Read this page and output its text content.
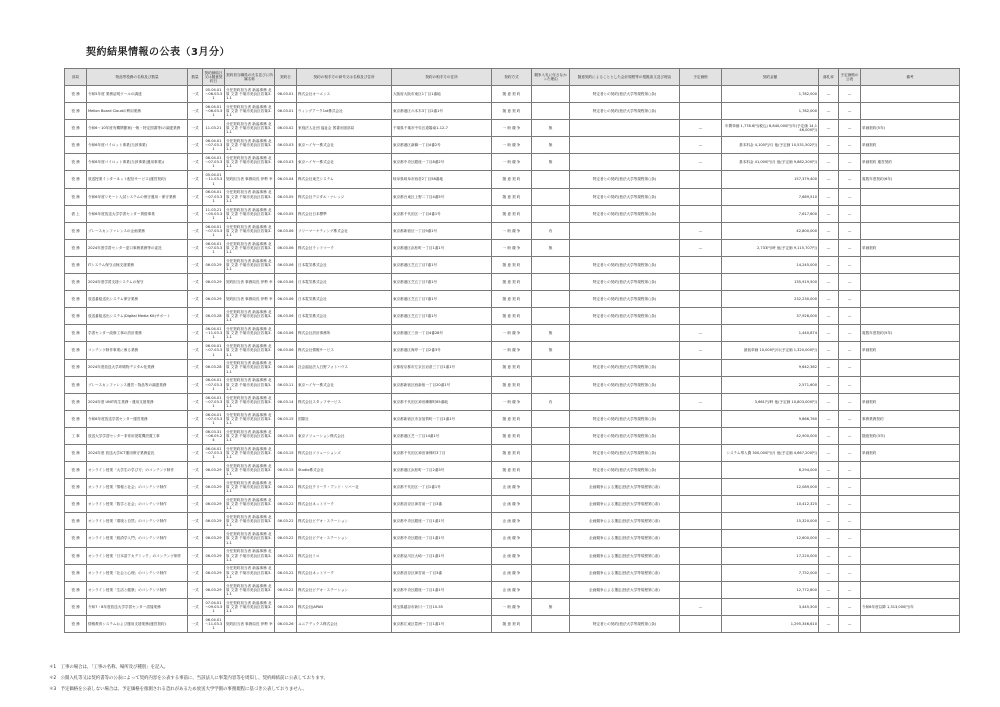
契約結果情報の公表（3月分）
部局	物品等役務の名称及び数量	数量	契約締結日又は随意契約日	契約担当職員の氏名並びに所属名称	契約日	契約の相手方の商号又は名称及び住所	契約の相手方の住所	契約方式	競争入札に付さなかった理由	随意契約によることとした会計規程等の根拠条文及び理由	予定価格	契約金額	落札率	予定価格の公表	備考
役 務	令和5年度 業務証明ツールの調達	一式	05.04.01～06.03.31	分任契約担当者 新潟事務 北原 文香 千葉市美浜区若葉3-1-1	06.03.01	株式会社オーエンス	大阪府大阪市東区1丁目1番地	随 意 契 約		特定者との契約(独法大学等規程第○条)		1,782,000	—	—	
役 務	Mellon Board Cloudの利用業務	一式	06.04.01～06.03.31	分任契約担当者 新潟事務 北原 文香 千葉市美浜区若葉3-1-1	06.03.01	ウィングアーク1st株式会社	東京都港区六本木3丁目2番1号	随 意 契 約		特定者との契約(独法大学等規程第○条)		1,782,000	—	—	
役 務	令和6～10年度有機関節案(一般・特定図書等)の調達業務	一式	11.03.21	分任契約担当者 新潟事務 北原 文香 千葉市美浜区若葉3-1-1	06.03.02	家庭法人社団 福祉会 図書出版部局	千葉県千葉市中央区道場南1-12-7	一 般 競 争	無		—	年間単価 1,778.6円(税込) 6,840,000円/年(予定価 14,146,000円)	—	—	単価契約(5年)
役 務	令和6年度パイロット事業(当該事業)	一式	06.04.01～07.03.31	分任契約担当者 新潟事務 北原 文香 千葉市美浜区若葉3-1-1	06.03.03	東京ハイヤー株式会社	東京都港区新橋一丁目4番2号	一 般 競 争	無		—	基本料金 4,100円/月 他(予定価 10,531,502円)	—	—	単価契約
役 務	令和6年度パイロット事業(当該事業(運用事業))	一式	06.04.01～07.03.31	分任契約担当者 新潟事務 北原 文香 千葉市美浜区若葉3-1-1	06.03.03	東京ハイヤー株式会社	東京都中央区銀座一丁目8番2号	一 般 競 争	無		—	基本料金 41,000円/月 他(予定価 9,882,200円)	—	—	単価契約 運営契約
役 務	放送授業インターネット配信サービス(運営契約)	一式	05.04.01～11.03.31	契約担当者 事務局長 伊勢 幸	06.03.04	株式会社東芝システム	岐阜県岐阜市西荘2丁目58番地	随 意 契 約		特定者との契約(独法大学等規程第○条)		157,379,400	—	—	複数年度契約(6年)
役 務	令和6年度リモート入試システムの保守運用・保守業務	一式	06.04.01～07.03.31	分任契約担当者 新潟事務 北原 文香 千葉市美浜区若葉3-1-1	06.03.05	株式会社デジタル・ナレッジ	東京都台東区上野二丁目4番5号	随 意 契 約		特定者との契約(独法大学等規程第○条)		7,689,510	—	—	
借 上	令和6年度放送大学学習センター賃借事業	一式	11.03.21～05.03.31	分任契約担当者 新潟事務 北原 文香 千葉市美浜区若葉3-1-1	06.03.05	株式会社日本標準	東京都千代田区一丁目4番1号	随 意 契 約		特定者との契約(独法大学等規程第○条)		7,617,600	—	—	
役 務	ブレースカンファレンスの企画業務	一式	06.04.01～07.03.31	分任契約担当者 新潟事務 北原 文香 千葉市美浜区若葉3-1-1	06.03.06	ソリーマーケティング株式会社	東京都新宿区一丁目9番1号	一 般 競 争	有		—	42,800,000	—	—	
役 務	2024年度学習センター窓口事務業務等の委託	一式	06.04.01～07.03.31	分任契約担当者 新潟事務 北原 文香 千葉市美浜区若葉3-1-1	06.03.06	株式会社ランドマーク	東京都港区浜松町一丁目1番1号	一 般 競 争	無		—	2,733円/時 他(予定価 9,115,707円)	—	—	単価契約
役 務	ITシステム保守点検支援業務	一式	06.03.29	分任契約担当者 新潟事務 北原 文香 千葉市美浜区若葉3-1-1	06.03.06	日本電気株式会社	東京都港区芝五丁目7番1号	随 意 契 約		特定者との契約(独法大学等規程第○条)		14,245,000	—	—	
役 務	2024年度学習支援システムの保守	一式	06.03.29	契約担当者 事務局長 伊勢 幸	06.03.06	日本電気株式会社	東京都港区芝五丁目7番1号	随 意 契 約		特定者との契約(独法大学等規程第○条)		135,919,500	—	—	
役 務	放送番組送出システム保守業務	一式	06.03.29	契約担当者 事務局長 伊勢 幸	06.03.06	日本電気株式会社	東京都港区芝五丁目7番1号	随 意 契 約		特定者との契約(独法大学等規程第○条)		232,230,000	—	—	
役 務	放送番組送出システム(Digital Media Kit)サポート	一式	06.03.28	分任契約担当者 新潟事務 北原 文香 千葉市美浜区若葉3-1-1	06.03.06	日本電気株式会社	東京都港区芝五丁目7番1号	随 意 契 約		特定者との契約(独法大学等規程第○条)		37,928,000	—	—	
役 務	学習センター改修工事の設計業務	一式	06.04.01～11.03.31	分任契約担当者 新潟事務 北原 文香 千葉市美浜区若葉3-1-1	06.03.06	株式会社設計事務所	東京都港区三田一丁目4番28号	一 般 競 争	無		—	1,440,874	—	—	複数年度契約(5年)
役 務	コンテンツ制作事業に係る業務	一式	06.04.01～07.03.31	分任契約担当者 新潟事務 北原 文香 千葉市美浜区若葉3-1-1	06.03.06	株式会社情報サービス	東京都港区海岸一丁目2番3号	一 般 競 争	無		—	最低単価 10,000円/月(予定価 1,320,000円)	—	—	単価契約
役 務	2024年度放送大学印刷物デジタル化業務	一式	06.03.28	分任契約担当者 新潟事務 北原 文香 千葉市美浜区若葉3-1-1	06.03.06	社会福祉法人日野フォトハウス	京都府京都市左京区岩倉三丁目1番1号	随 意 契 約		特定者との契約(独法大学等規程第○条)		9,642,362	—	—	
役 務	ブレースカンファレンス運営・物品等の調達業務	一式	06.04.01～07.03.31	分任契約担当者 新潟事務 北原 文香 千葉市美浜区若葉3-1-1	06.03.11	東京ハイヤー株式会社	東京都新宿区西新宿一丁目20番1号	随 意 契 約		特定者との契約(独法大学等規程第○条)		2,571,600	—	—	
役 務	2024年度 UNIT再生業務・運用支援業務	一式	06.04.01～07.03.31	分任契約担当者 新潟事務 北原 文香 千葉市美浜区若葉3-1-1	06.03.14	株式会社スタッフサービス	東京都千代田区神田練塀町85番地	一 般 競 争	有		—	3,661円/時 他(予定価 10,803,000円)	—	—	単価契約
役 務	令和6年度放送学習センター運営業務	一式	06.04.01～07.03.31	分任契約担当者 新潟事務 北原 文香 千葉市美浜区若葉3-1-1	06.03.15	国際社	東京都新宿区市谷加賀町一丁目1番1号	随 意 契 約		特定者との契約(独法大学等規程第○条)		9,866,760	—	—	事務業務契約
工 事	放送大学学習センター非常用発電機設置工事	一式	06.03.31～06.05.24	分任契約担当者 新潟事務 北原 文香 千葉市美浜区若葉3-1-1	06.03.15	東京ソリューション株式会社	東京都港区芝一丁目14番1号	随 意 契 約		特定者との契約(独法大学等規程第○条)		42,900,000	—	—	随意契約(3年)
役 務	2024年度 放送大学ICT運用保守業務委託	一式	06.04.01～07.03.31	分任契約担当者 新潟事務 北原 文香 千葉市美浜区若葉3-1-1	06.03.15	株式会社ソリューションズ	東京都千代田区神田神保町3丁目	随 意 契 約		特定者との契約(独法大学等規程第○条)		システム導入費 300,000円/月 他(予定価 4,667,200円)	—	—	単価契約
役 務	オンライン授業「大学生の学び方」のコンテンツ制作	一式	06.03.29	分任契約担当者 新潟事務 北原 文香 千葉市美浜区若葉3-1-1	06.03.15	Studio株式会社	東京都港区浜松町一丁目2番3号	随 意 契 約		特定者との契約(独法大学等規程第○条)		8,294,000	—	—	
役 務	オンライン授業「情報と社会」のコンテンツ制作	一式	06.03.29	分任契約担当者 新潟事務 北原 文香 千葉市美浜区若葉3-1-1	06.03.22	株式会社クリーク・アンド・リバー社	東京都千代田区一丁目1番1号	企 画 競 争		企画競争による選定(独法大学等規程第○条)		12,089,000	—	—	
役 務	オンライン授業「数学と社会」のコンテンツ制作	一式	06.03.29	分任契約担当者 新潟事務 北原 文香 千葉市美浜区若葉3-1-1	06.03.22	株式会社ネットワーク	東京都渋谷区神宮前一丁目3番	企 画 競 争		企画競争による選定(独法大学等規程第○条)		10,412,325	—	—	
役 務	オンライン授業「環境と自然」のコンテンツ制作	一式	06.03.29	分任契約担当者 新潟事務 北原 文香 千葉市美浜区若葉3-1-1	06.03.22	株式会社ビデオ・ステーション	東京都中央区銀座一丁目1番1号	企 画 競 争		企画競争による選定(独法大学等規程第○条)		15,320,000	—	—	
役 務	オンライン授業「経済学入門」のコンテンツ制作	一式	06.03.29	分任契約担当者 新潟事務 北原 文香 千葉市美浜区若葉3-1-1	06.03.22	株式会社ビデオ・ステーション	東京都中央区銀座一丁目1番1号	企 画 競 争		企画競争による選定(独法大学等規程第○条)		12,600,000	—	—	
役 務	オンライン授業「日本語アカデミック」のコンテンツ制作	一式	06.03.29	分任契約担当者 新潟事務 北原 文香 千葉市美浜区若葉3-1-1	06.03.22	株式会社ミロ	東京都品川区大崎一丁目1番1号	企 画 競 争		企画競争による選定(独法大学等規程第○条)		17,220,000	—	—	
役 務	オンライン授業「社会と心理」のコンテンツ制作	一式	06.03.29	分任契約担当者 新潟事務 北原 文香 千葉市美浜区若葉3-1-1	06.03.22	株式会社ネットワーク	東京都渋谷区神宮前一丁目3番	企 画 競 争		企画競争による選定(独法大学等規程第○条)		7,752,000	—	—	
役 務	オンライン授業「生活と健康」のコンテンツ制作	一式	06.03.29	分任契約担当者 新潟事務 北原 文香 千葉市美浜区若葉3-1-1	06.03.22	株式会社ビデオ・ステーション	東京都中央区銀座一丁目1番1号	企 画 競 争		企画競争による選定(独法大学等規程第○条)		12,772,800	—	—	
役 務	令和7・8年度放送大学学習センター清掃業務	一式	07.04.01～09.03.31	分任契約担当者 新潟事務 北原 文香 千葉市美浜区若葉3-1-1	06.03.25	株式会社JAPAN	埼玉県越谷市新川一丁目10-55	一 般 競 争	無		—	3,445,500	—	—	令和6年度以降 1,313,000円/年
役 務	情報教育システムおよび運用支援業務(運営契約)	一式	06.04.01～11.03.31	契約担当者 事務局長 伊勢 幸	06.03.26	ユニアデックス株式会社	東京都江東区豊洲一丁目1番1号	随 意 契 約		特定者との契約(独法大学等規程第○条)		1,295,346,610	—	—	
＊1　工事の場合は、「工事の名称、場所及び種別」を記入。
＊2　公開入札等又は契約書等の公表によって契約内容を公表する事前に、当該法人に事業内容等を周知し、契約締結前に公表しております。
＊3　予定価格を公表しない場合は、予定価格を推測される恐れがあるため放送大学学園の事務規程に基づき公表しておりません。
